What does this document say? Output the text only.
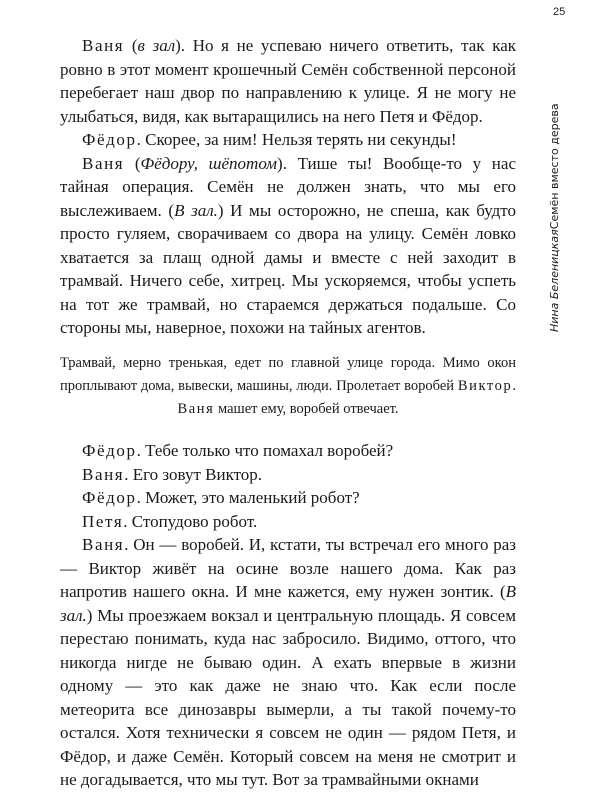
25
Нина БеленицкаяСемён вместо дерева

Ваня (в зал). Но я не успеваю ничего ответить, так как ровно в этот момент крошечный Семён собственной персоной перебегает наш двор по направлению к улице. Я не могу не улыбаться, видя, как вытаращились на него Петя и Фёдор.

Фёдор. Скорее, за ним! Нельзя терять ни секунды!

Ваня (Фёдору, шёпотом). Тише ты! Вообще-то у нас тайная операция. Семён не должен знать, что мы его выслеживаем. (В зал.) И мы осторожно, не спеша, как будто просто гуляем, сворачиваем со двора на улицу. Семён ловко хватается за плащ одной дамы и вместе с ней заходит в трамвай. Ничего себе, хитрец. Мы ускоряемся, чтобы успеть на тот же трамвай, но стараемся держаться подальше. Со стороны мы, наверное, похожи на тайных агентов.

Трамвай, мерно тренькая, едет по главной улице города. Мимо окон проплывают дома, вывески, машины, люди. Пролетает воробей Виктор. Ваня машет ему, воробей отвечает.

Фёдор. Тебе только что помахал воробей?

Ваня. Его зовут Виктор.

Фёдор. Может, это маленький робот?

Петя. Стопудово робот.

Ваня. Он — воробей. И, кстати, ты встречал его много раз — Виктор живёт на осине возле нашего дома. Как раз напротив нашего окна. И мне кажется, ему нужен зонтик. (В зал.) Мы проезжаем вокзал и центральную площадь. Я совсем перестаю понимать, куда нас забросило. Видимо, оттого, что никогда нигде не бываю один. А ехать впервые в жизни одному — это как даже не знаю что. Как если после метеорита все динозавры вымерли, а ты такой почему-то остался. Хотя технически я совсем не один — рядом Петя, и Фёдор, и даже Семён. Который совсем на меня не смотрит и не догадывается, что мы тут. Вот за трамвайными окнами
